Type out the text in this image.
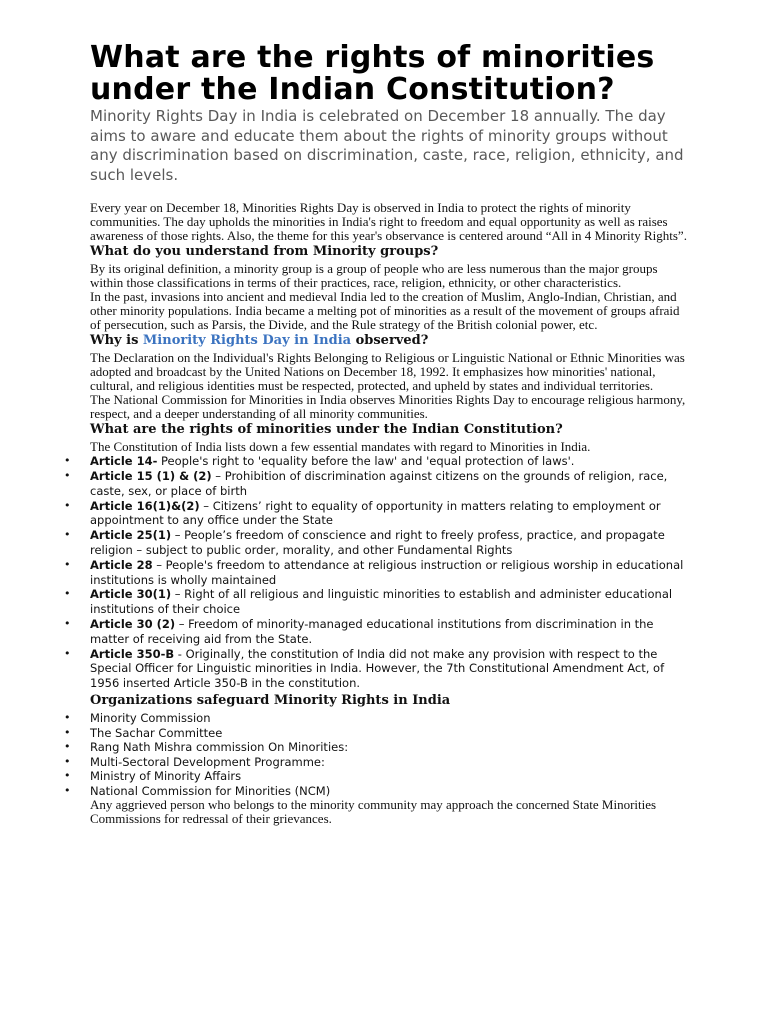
What are the rights of minorities under the Indian Constitution?

Minority Rights Day in India is celebrated on December 18 annually. The day aims to aware and educate them about the rights of minority groups without any discrimination based on discrimination, caste, race, religion, ethnicity, and such levels.

Every year on December 18, Minorities Rights Day is observed in India to protect the rights of minority communities. The day upholds the minorities in India's right to freedom and equal opportunity as well as raises awareness of those rights. Also, the theme for this year's observance is centered around “All in 4 Minority Rights”.

What do you understand from Minority groups?

By its original definition, a minority group is a group of people who are less numerous than the major groups within those classifications in terms of their practices, race, religion, ethnicity, or other characteristics.

In the past, invasions into ancient and medieval India led to the creation of Muslim, Anglo-Indian, Christian, and other minority populations. India became a melting pot of minorities as a result of the movement of groups afraid of persecution, such as Parsis, the Divide, and the Rule strategy of the British colonial power, etc.

Why is Minority Rights Day in India observed?

The Declaration on the Individual's Rights Belonging to Religious or Linguistic National or Ethnic Minorities was adopted and broadcast by the United Nations on December 18, 1992. It emphasizes how minorities' national, cultural, and religious identities must be respected, protected, and upheld by states and individual territories.

The National Commission for Minorities in India observes Minorities Rights Day to encourage religious harmony, respect, and a deeper understanding of all minority communities.

What are the rights of minorities under the Indian Constitution?

The Constitution of India lists down a few essential mandates with regard to Minorities in India.

• Article 14- People's right to 'equality before the law' and 'equal protection of laws'.
• Article 15 (1) & (2) – Prohibition of discrimination against citizens on the grounds of religion, race, caste, sex, or place of birth
• Article 16(1)&(2) – Citizens’ right to equality of opportunity in matters relating to employment or appointment to any office under the State
• Article 25(1) – People’s freedom of conscience and right to freely profess, practice, and propagate religion – subject to public order, morality, and other Fundamental Rights
• Article 28 – People's freedom to attendance at religious instruction or religious worship in educational institutions is wholly maintained
• Article 30(1) – Right of all religious and linguistic minorities to establish and administer educational institutions of their choice
• Article 30 (2) – Freedom of minority-managed educational institutions from discrimination in the matter of receiving aid from the State.
• Article 350-B - Originally, the constitution of India did not make any provision with respect to the Special Officer for Linguistic minorities in India. However, the 7th Constitutional Amendment Act, of 1956 inserted Article 350-B in the constitution.
Organizations safeguard Minority Rights in India
• Minority Commission
• The Sachar Committee
• Rang Nath Mishra commission On Minorities:
• Multi-Sectoral Development Programme:
• Ministry of Minority Affairs
• National Commission for Minorities (NCM)

Any aggrieved person who belongs to the minority community may approach the concerned State Minorities Commissions for redressal of their grievances.
